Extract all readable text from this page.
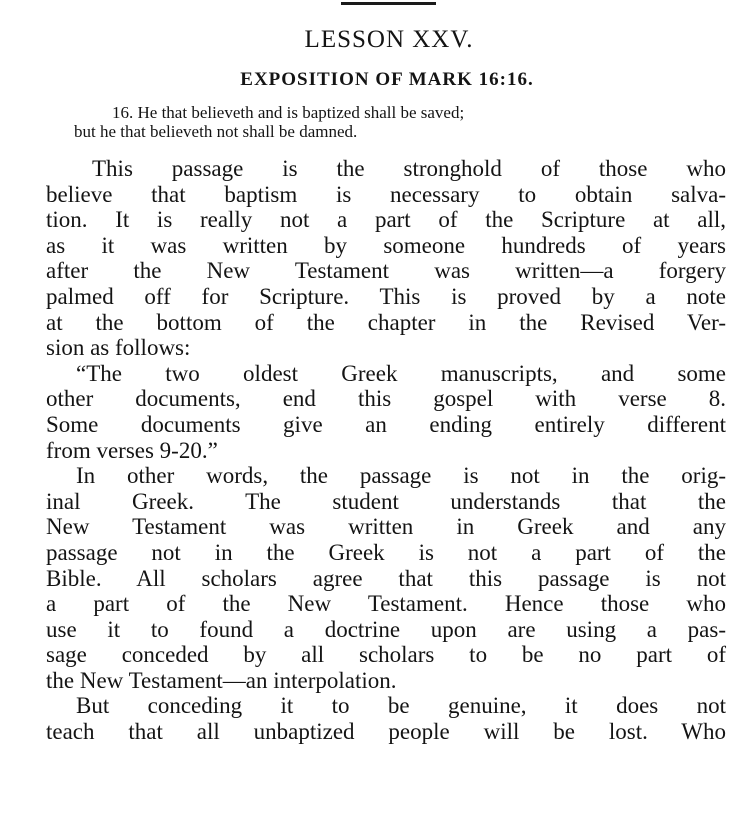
LESSON XXV.
EXPOSITION OF MARK 16:16.
16. He that believeth and is baptized shall be saved;
but he that believeth not shall be damned.
This passage is the stronghold of those who
believe that baptism is necessary to obtain salva-
tion. It is really not a part of the Scripture at all,
as it was written by someone hundreds of years
after the New Testament was written—a forgery
palmed off for Scripture. This is proved by a note
at the bottom of the chapter in the Revised Ver-
sion as follows:
“The two oldest Greek manuscripts, and some
other documents, end this gospel with verse 8.
Some documents give an ending entirely different
from verses 9-20.”
In other words, the passage is not in the orig-
inal Greek. The student understands that the
New Testament was written in Greek and any
passage not in the Greek is not a part of the
Bible. All scholars agree that this passage is not
a part of the New Testament. Hence those who
use it to found a doctrine upon are using a pas-
sage conceded by all scholars to be no part of
the New Testament—an interpolation.
But conceding it to be genuine, it does not
teach that all unbaptized people will be lost. Who
